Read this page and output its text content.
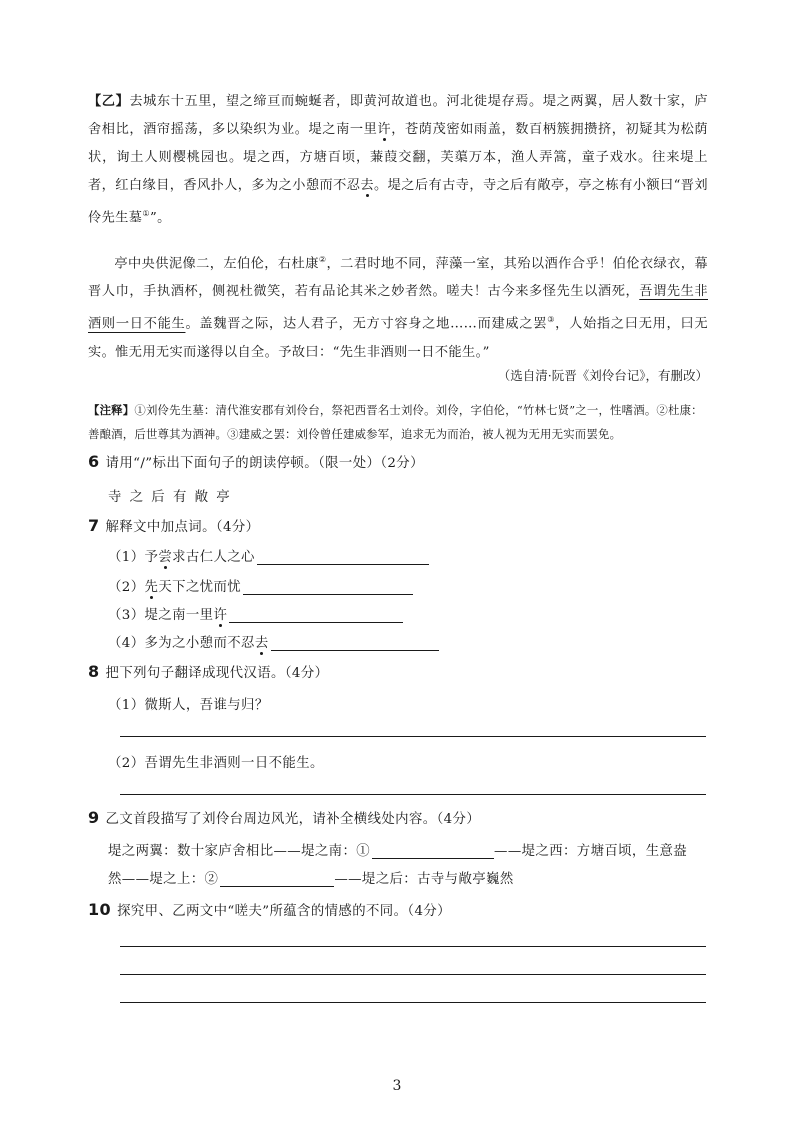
【乙】去城东十五里，望之缔亘而蜿蜒者，即黄河故道也。河北徙堤存焉。堤之两翼，居人数十家，庐舍相比，酒帘摇荡，多以染织为业。堤之南一里许，苍荫茂密如雨盖，数百柄簇拥攒挤，初疑其为松荫状，询土人则樱桃园也。堤之西，方塘百顷，蒹葭交翻，芙蕖万本，渔人弄篙，童子戏水。往来堤上者，红白缘目，香风扑人，多为之小憩而不忍去。堤之后有古寺，寺之后有敞亭，亭之栋有小额曰“晋刘伶先生墓①”。

亭中央供泥像二，左伯伦，右杜康②，二君时地不同，萍藻一室，其殆以酒作合乎！伯伦衣绿衣，幕晋人巾，手执酒杯，侧视杜微笑，若有品论其米之妙者然。嗟夫！古今来多怪先生以酒死，吾谓先生非酒则一日不能生。盖魏晋之际，达人君子，无方寸容身之地……而建威之罢③，人始指之曰无用，曰无实。惟无用无实而遂得以自全。予故曰：“先生非酒则一日不能生。”

（选自清·阮晋《刘伶台记》，有删改）

【注释】①刘伶先生墓：清代淮安郡有刘伶台，祭祀西晋名士刘伶。刘伶，字伯伦，“竹林七贤”之一，性嗜酒。②杜康：善酿酒，后世尊其为酒神。③建威之罢：刘伶曾任建威参军，追求无为而治，被人视为无用无实而罢免。

6 请用“/”标出下面句子的朗读停顿。（限一处）（2分）
寺 之 后 有 敞 亭
7 解释文中加点词。（4分）
（1）予尝求古仁人之心
（2）先天下之忧而忧
（3）堤之南一里许
（4）多为之小憩而不忍去
8 把下列句子翻译成现代汉语。（4分）
（1）微斯人，吾谁与归？
（2）吾谓先生非酒则一日不能生。
9 乙文首段描写了刘伶台周边风光，请补全横线处内容。（4分）
堤之两翼：数十家庐舍相比——堤之南：①	——堤之西：方塘百顷，生意盎
然——堤之上：②	——堤之后：古寺与敞亭巍然
10 探究甲、乙两文中“嗟夫”所蕴含的情感的不同。（4分）
3
